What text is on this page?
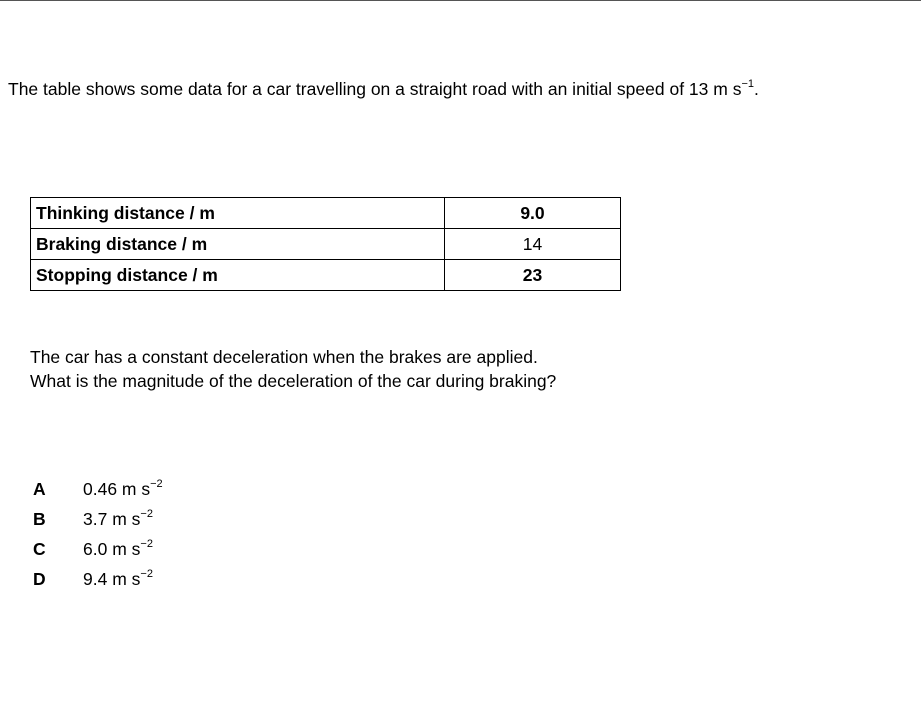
The table shows some data for a car travelling on a straight road with an initial speed of 13 m $s^{-1}$.
Thinking distance / m	9.0
Braking distance / m	14
Stopping distance / m	23
The car has a constant deceleration when the brakes are applied.
What is the magnitude of the deceleration of the car during braking?
A	0.46 m $s^{-2}$
B	3.7 m $s^{-2}$
C	6.0 m $s^{-2}$
D	9.4 m $s^{-2}$
